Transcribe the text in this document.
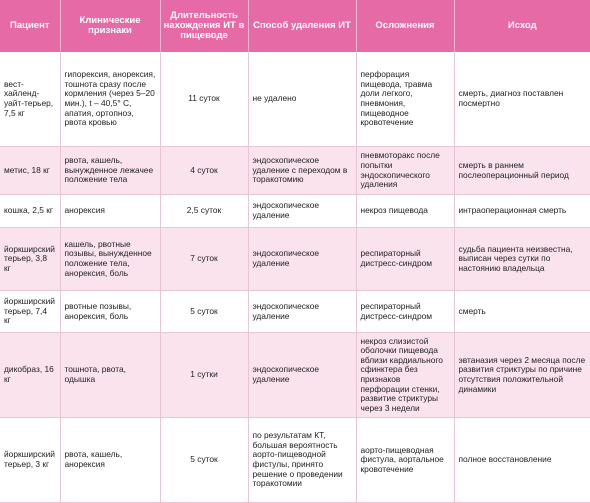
Пациент	Клинические признаки	Длительность нахождения ИТ в пищеводе	Способ удаления ИТ	Осложнения	Исход
вест-хайленд-уайт-терьер, 7,5 кг	гипорексия, анорексия, тошнота сразу после кормления (через 5–20 мин.), t – 40,5° С, апатия, ортопноэ, рвота кровью	11 суток	не удалено	перфорация пищевода, травма доли легкого, пневмония, пищеводное кровотечение	смерть, диагноз поставлен посмертно
метис, 18 кг	рвота, кашель, вынужденное лежачее положение тела	4 суток	эндоскопическое удаление с переходом в торакотомию	пневмоторакс после попытки эндоскопического удаления	смерть в раннем послеоперационный период
кошка, 2,5 кг	анорексия	2,5 суток	эндоскопическое удаление	некроз пищевода	интраоперационная смерть
йоркширский терьер, 3,8 кг	кашель, рвотные позывы, вынужденное положение тела, анорексия, боль	7 суток	эндоскопическое удаление	респираторный дистресс-синдром	судьба пациента неизвестна, выписан через сутки по настоянию владельца
йоркширский терьер, 7,4 кг	рвотные позывы, анорексия, боль	5 суток	эндоскопическое удаление	респираторный дистресс-синдром	смерть
дикобраз, 16 кг	тошнота, рвота, одышка	1 сутки	эндоскопическое удаление	некроз слизистой оболочки пищевода вблизи кардиального сфинктера без признаков перфорации стенки, развитие стриктуры через 3 недели	эвтаназия через 2 месяца после развития стриктуры по причине отсутствия положительной динамики
йоркширский терьер, 3 кг	рвота, кашель, анорексия	5 суток	по результатам КТ, большая вероятность аорто-пищеводной фистулы, принято решение о проведении торакотомии	аорто-пищеводная фистула, аортальное кровотечение	полное восстановление
